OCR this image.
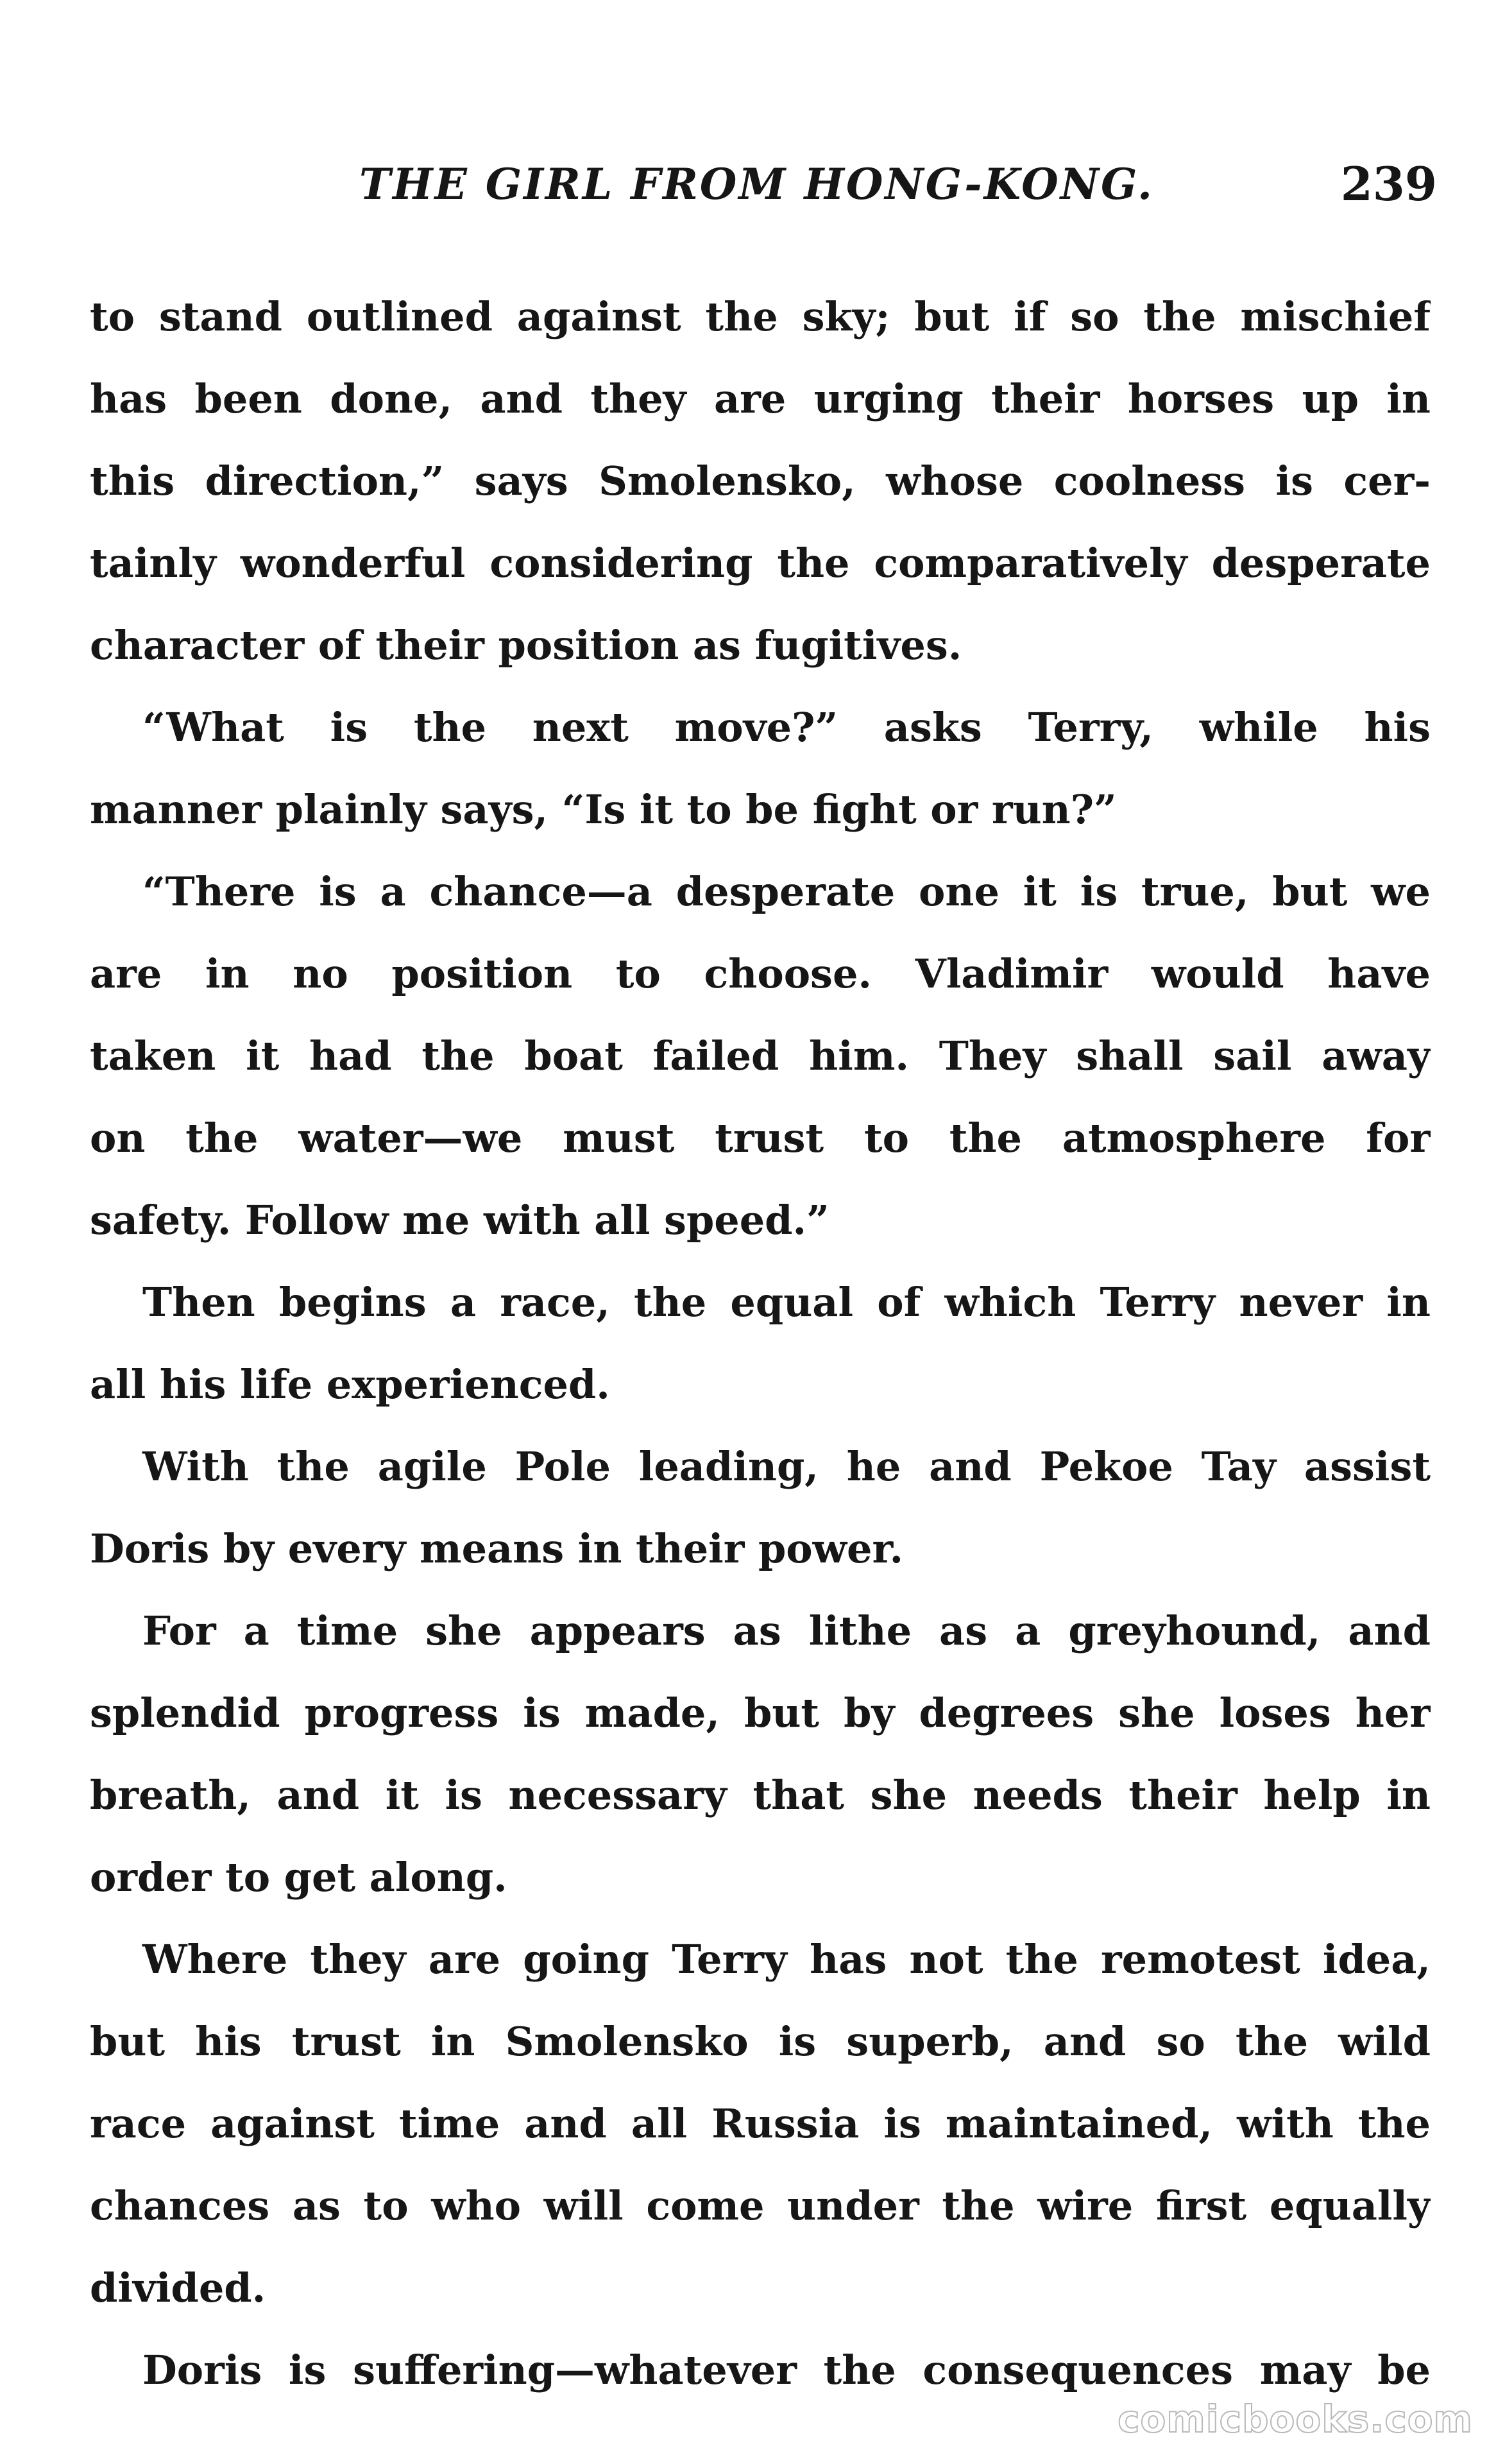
THE GIRL FROM HONG-KONG.	239
to stand outlined against the sky; but if so the mischief
has been done, and they are urging their horses up in
this direction,” says Smolensko, whose coolness is cer-
tainly wonderful considering the comparatively desperate
character of their position as fugitives.
“What is the next move?” asks Terry, while his
manner plainly says, “Is it to be fight or run?”
“There is a chance—a desperate one it is true, but we
are in no position to choose. Vladimir would have
taken it had the boat failed him. They shall sail away
on the water—we must trust to the atmosphere for
safety. Follow me with all speed.”
Then begins a race, the equal of which Terry never in
all his life experienced.
With the agile Pole leading, he and Pekoe Tay assist
Doris by every means in their power.
For a time she appears as lithe as a greyhound, and
splendid progress is made, but by degrees she loses her
breath, and it is necessary that she needs their help in
order to get along.
Where they are going Terry has not the remotest idea,
but his trust in Smolensko is superb, and so the wild
race against time and all Russia is maintained, with the
chances as to who will come under the wire first equally
divided.
Doris is suffering—whatever the consequences may be
comicbooks.com
